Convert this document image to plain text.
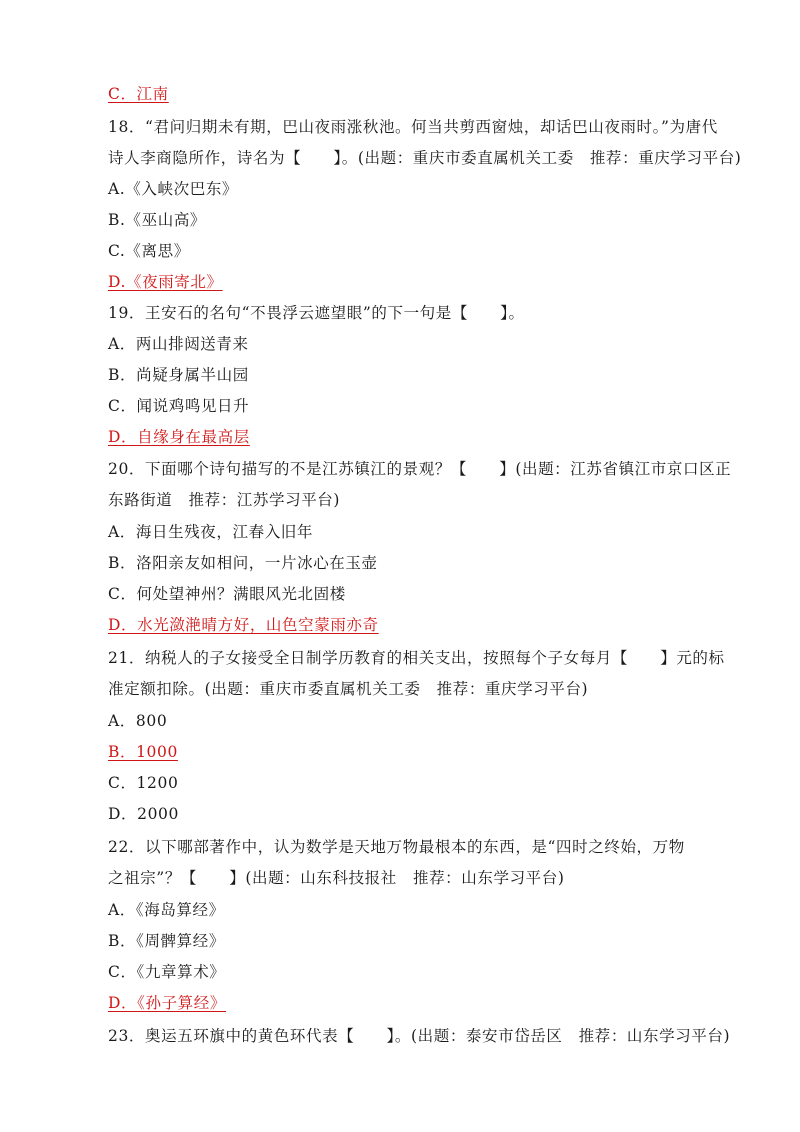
C．江南
18．“君问归期未有期，巴山夜雨涨秋池。何当共剪西窗烛，却话巴山夜雨时。”为唐代
诗人李商隐所作，诗名为【　　】。(出题：重庆市委直属机关工委　推荐：重庆学习平台)
A.《入峡次巴东》
B.《巫山高》
C.《离思》
D.《夜雨寄北》
19．王安石的名句“不畏浮云遮望眼”的下一句是【　　】。
A．两山排闼送青来
B．尚疑身属半山园
C．闻说鸡鸣见日升
D．自缘身在最高层
20．下面哪个诗句描写的不是江苏镇江的景观？【　　】(出题：江苏省镇江市京口区正
东路街道　推荐：江苏学习平台)
A．海日生残夜，江春入旧年
B．洛阳亲友如相问，一片冰心在玉壶
C．何处望神州？满眼风光北固楼
D．水光潋滟晴方好，山色空蒙雨亦奇
21．纳税人的子女接受全日制学历教育的相关支出，按照每个子女每月【　　】元的标
准定额扣除。(出题：重庆市委直属机关工委　推荐：重庆学习平台)
A．800
B．1000
C．1200
D．2000
22．以下哪部著作中，认为数学是天地万物最根本的东西，是“四时之终始，万物
之祖宗”？【　　】(出题：山东科技报社　推荐：山东学习平台)
A．《海岛算经》
B．《周髀算经》
C．《九章算术》
D．《孙子算经》
23．奥运五环旗中的黄色环代表【　　】。(出题：泰安市岱岳区　推荐：山东学习平台)
